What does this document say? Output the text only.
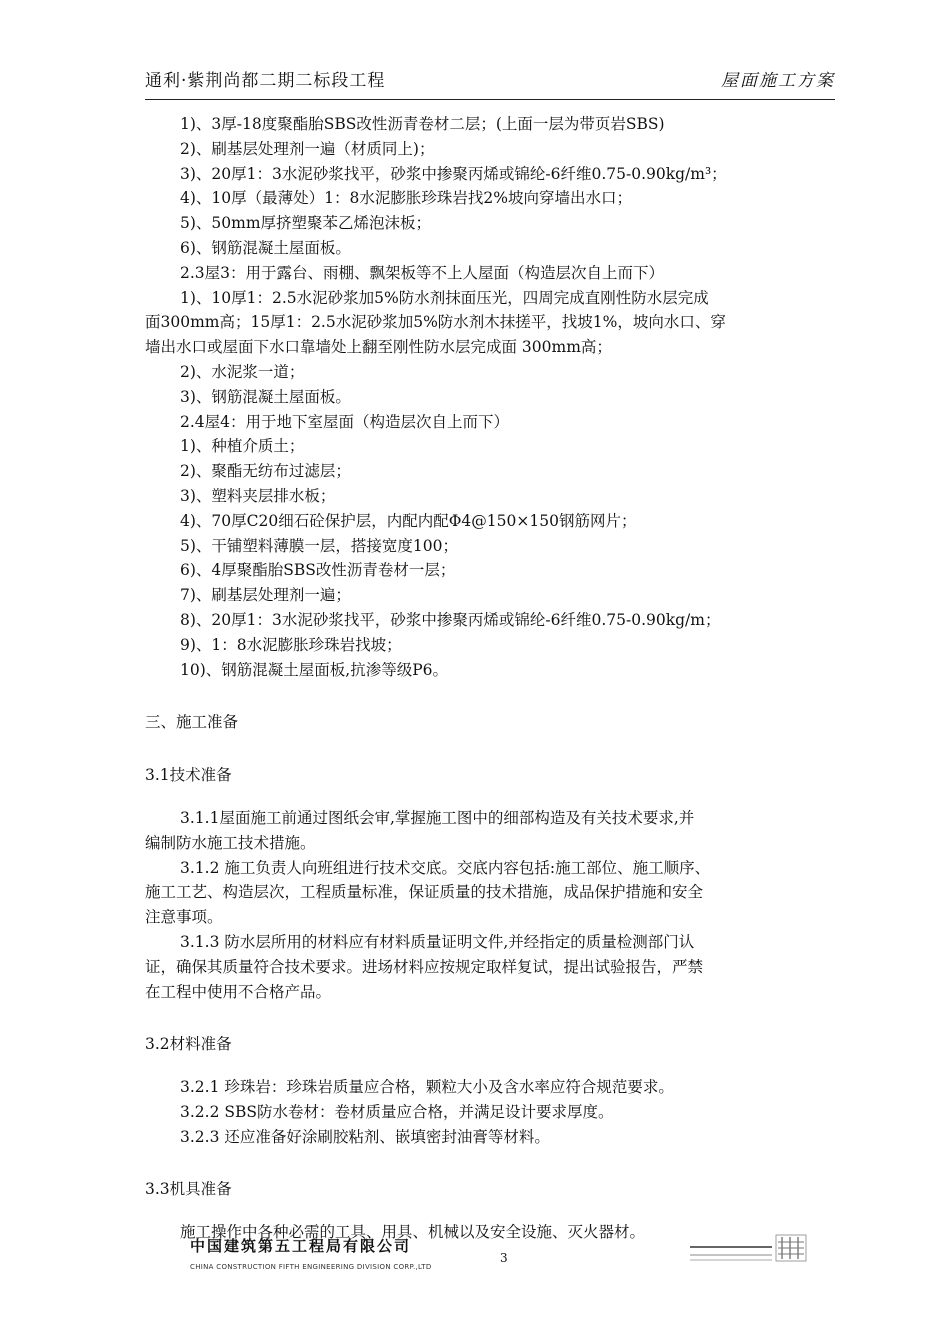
通利·紫荆尚都二期二标段工程	屋面施工方案
1)、3厚-18度聚酯胎SBS改性沥青卷材二层；(上面一层为带页岩SBS)
2)、刷基层处理剂一遍（材质同上)；
3)、20厚1：3水泥砂浆找平，砂浆中掺聚丙烯或锦纶-6纤维0.75-0.90kg/m³；
4)、10厚（最薄处）1：8水泥膨胀珍珠岩找2%坡向穿墙出水口；
5)、50mm厚挤塑聚苯乙烯泡沫板；
6)、钢筋混凝土屋面板。
2.3屋3：用于露台、雨棚、飘架板等不上人屋面（构造层次自上而下）
1)、10厚1：2.5水泥砂浆加5%防水剂抹面压光，四周完成直刚性防水层完成
面300mm高；15厚1：2.5水泥砂浆加5%防水剂木抹搓平，找坡1%，坡向水口、穿
墙出水口或屋面下水口靠墙处上翻至刚性防水层完成面 300mm高；
2)、水泥浆一道；
3)、钢筋混凝土屋面板。
2.4屋4：用于地下室屋面（构造层次自上而下）
1)、种植介质土；
2)、聚酯无纺布过滤层；
3)、塑料夹层排水板；
4)、70厚C20细石砼保护层，内配内配Φ4@150×150钢筋网片；
5)、干铺塑料薄膜一层，搭接宽度100；
6)、4厚聚酯胎SBS改性沥青卷材一层；
7)、刷基层处理剂一遍；
8)、20厚1：3水泥砂浆找平，砂浆中掺聚丙烯或锦纶-6纤维0.75-0.90kg/m；
9)、1：8水泥膨胀珍珠岩找坡；
10)、钢筋混凝土屋面板,抗渗等级P6。
三、施工准备
3.1技术准备
3.1.1屋面施工前通过图纸会审,掌握施工图中的细部构造及有关技术要求,并
编制防水施工技术措施。
3.1.2 施工负责人向班组进行技术交底。交底内容包括:施工部位、施工顺序、
施工工艺、构造层次，工程质量标准，保证质量的技术措施，成品保护措施和安全
注意事项。
3.1.3 防水层所用的材料应有材料质量证明文件,并经指定的质量检测部门认
证，确保其质量符合技术要求。进场材料应按规定取样复试，提出试验报告，严禁
在工程中使用不合格产品。
3.2材料准备
3.2.1 珍珠岩：珍珠岩质量应合格，颗粒大小及含水率应符合规范要求。
3.2.2 SBS防水卷材：卷材质量应合格，并满足设计要求厚度。
3.2.3 还应准备好涂刷胶粘剂、嵌填密封油膏等材料。
3.3机具准备
施工操作中各种必需的工具、用具、机械以及安全设施、灭火器材。
中国建筑第五工程局有限公司
CHINA CONSTRUCTION FIFTH ENGINEERING DIVISION CORP.,LTD
3
